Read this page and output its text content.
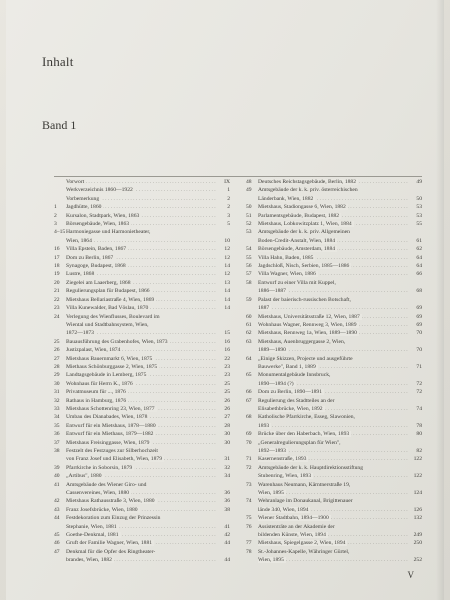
Inhalt
Band 1
Vorwort . . .	IX
Werkverzeichnis 1860—1922 . . .	1
Vorbemerkung . . .	2
1	Jagdhütte, 1860 . . .	2
2	Kursalon, Stadtpark, Wien, 1863 . . .	3
3	Börsengebäude, Wien, 1863 . . .	5
4–15 Harmoniegasse und Harmonietheater,
Wien, 1864 . . .	10
16	Villa Epstein, Baden, 1867 . . .	12
17	Dom zu Berlin, 1867 . . .	12
18	Synagoge, Budapest, 1868 . . .	14
19	Lustre, 1868 . . .	12
20	Ziegelei am Laaerberg, 1868 . . .	13
21	Regulierungsplan für Budapest, 1866 . . .	14
22	Mietshaus Bellariastraße 4, Wien, 1869 . . .	14
23	Villa Kunewalder, Bad Vöslau, 1870 . . .	14
24	Verlegung des Wienflusses, Boulevard im
Wiental und Stadtbahnsystem, Wien,
1872—1873 . . .	15
25	Bauausführung des Grabenhofes, Wien, 1873 . . .	16
26	Justizpalast, Wien, 1874 . . .	16
27	Mietshaus Bauernmarkt 6, Wien, 1875 . . .	22
28	Miethaus Schönburggasse 2, Wien, 1875 . . .	23
29	Landtagsgebäude in Lemberg, 1875 . . .	23
30	Wohnhaus für Herrn K., 1876 . . .	25
31	Privatmuseum für ..., 1876 . . .	25
32	Rathaus in Hamburg, 1876 . . .	26
33	Mietshaus Schottenring 23, Wien, 1877 . . .	26
34	Umbau des Dianabades, Wien, 1878 . . .	27
35	Entwurf für ein Mietshaus, 1878—1880 . . .	28
36	Entwurf für ein Miethaus, 1879—1882 . . .	30
37	Mietshaus Freisinggasse, Wien, 1879 . . .	30
38	Festzelt des Festzuges zur Silberhochzeit
von Franz Josef und Elisabeth, Wien, 1879 . . .	31
39	Pfarrkirche in Soborsin, 1879 . . .	32
40	„Artibus", 1880 . . .	34
41	Amtsgebäude des Wiener Giro- und
Cassenvereines, Wien, 1880 . . .	36
42	Mietshaus Rathausstraße 3, Wien, 1880 . . .	36
43	Franz Josefsbrücke, Wien, 1880 . . .	38
44	Festdekoration zum Einzug der Prinzessin
Stephanie, Wien, 1881 . . .	41
45	Goethe-Denkmal, 1881 . . .	42
46	Gruft der Familie Wagner, Wien, 1881 . . .	44
47	Denkmal für die Opfer des Ringtheater-
brandes, Wien, 1882 . . .	44
48	Deutsches Reichstagsgebäude, Berlin, 1882 . . .	49
49	Amtsgebäude der k. k. priv. österreichischen
Länderbank, Wien, 1882 . . .	50
50	Mietshaus, Stadiongasse 6, Wien, 1882 . . .	53
51	Parlamentsgebäude, Budapest, 1882 . . .	53
52	Mietshaus, Lobkowitzplatz 1, Wien, 1884 . . .	55
53	Amtsgebäude der k. k. priv. Allgemeinen
Boden-Credit-Anstalt, Wien, 1884 . . .	61
54	Börsengebäude, Amsterdam, 1884 . . .	62
55	Villa Hahn, Baden, 1885 . . .	64
56	Jagdschloß, Nisch, Serbien, 1885—1886 . . .	64
57	Villa Wagner, Wien, 1886 . . .	66
58	Entwurf zu einer Villa mit Kuppel,
1886—1887 . . .	68
59	Palast der baierisch-russischen Botschaft,
1887 . . .	69
60	Mietshaus, Universitätsstraße 12, Wien, 1887 . . .	69
61	Wohnhaus Wagner, Rennweg 3, Wien, 1889 . . .	69
62	Mietshaus, Rennweg 1a, Wien, 1889—1890 . . .	70
63	Mietshaus, Auenbruggergasse 2, Wien,
1889—1890 . . .	70
64	„Einige Skizzen, Projecte und ausgeführte
Bauwerke", Band 1, 1889 . . .	71
65	Monumentalgebäude Innsbruck,
1890—1894 (?) . . .	72
66	Dom zu Berlin, 1890—1891 . . .	72
67	Regulierung des Stadtteiles an der
Elisabethbrücke, Wien, 1892 . . .	74
68	Katholische Pfarrkirche, Esseg, Slawonien,
1893 . . .	78
69	Brücke über den Haberbach, Wien, 1893 . . .	80
70	„Generalregulierungsplan für Wien",
1892—1893 . . .	82
71	Kasernenstraße, 1893 . . .	122
72	Amtsgebäude der k. k. Hauptdirektionsstiftung
Stubenring, Wien, 1893 . . .	122
73	Warenhaus Neumann, Kärntnerstraße 19,
Wien, 1895 . . .	124
74	Wehranlage im Donaukanal, Brigittenauer
lände 340, Wien, 1894 . . .	126
75	Wiener Stadtbahn, 1894—1900 . . .	132
76	Assistenträte an der Akademie der
bildenden Künste, Wien, 1894 . . .	249
77	Mietshaus, Spiegelgasse 2, Wien, 1894 . . .	250
78	St.-Johannes-Kapelle, Währinger Gürtel,
Wien, 1895 . . .	252
V
